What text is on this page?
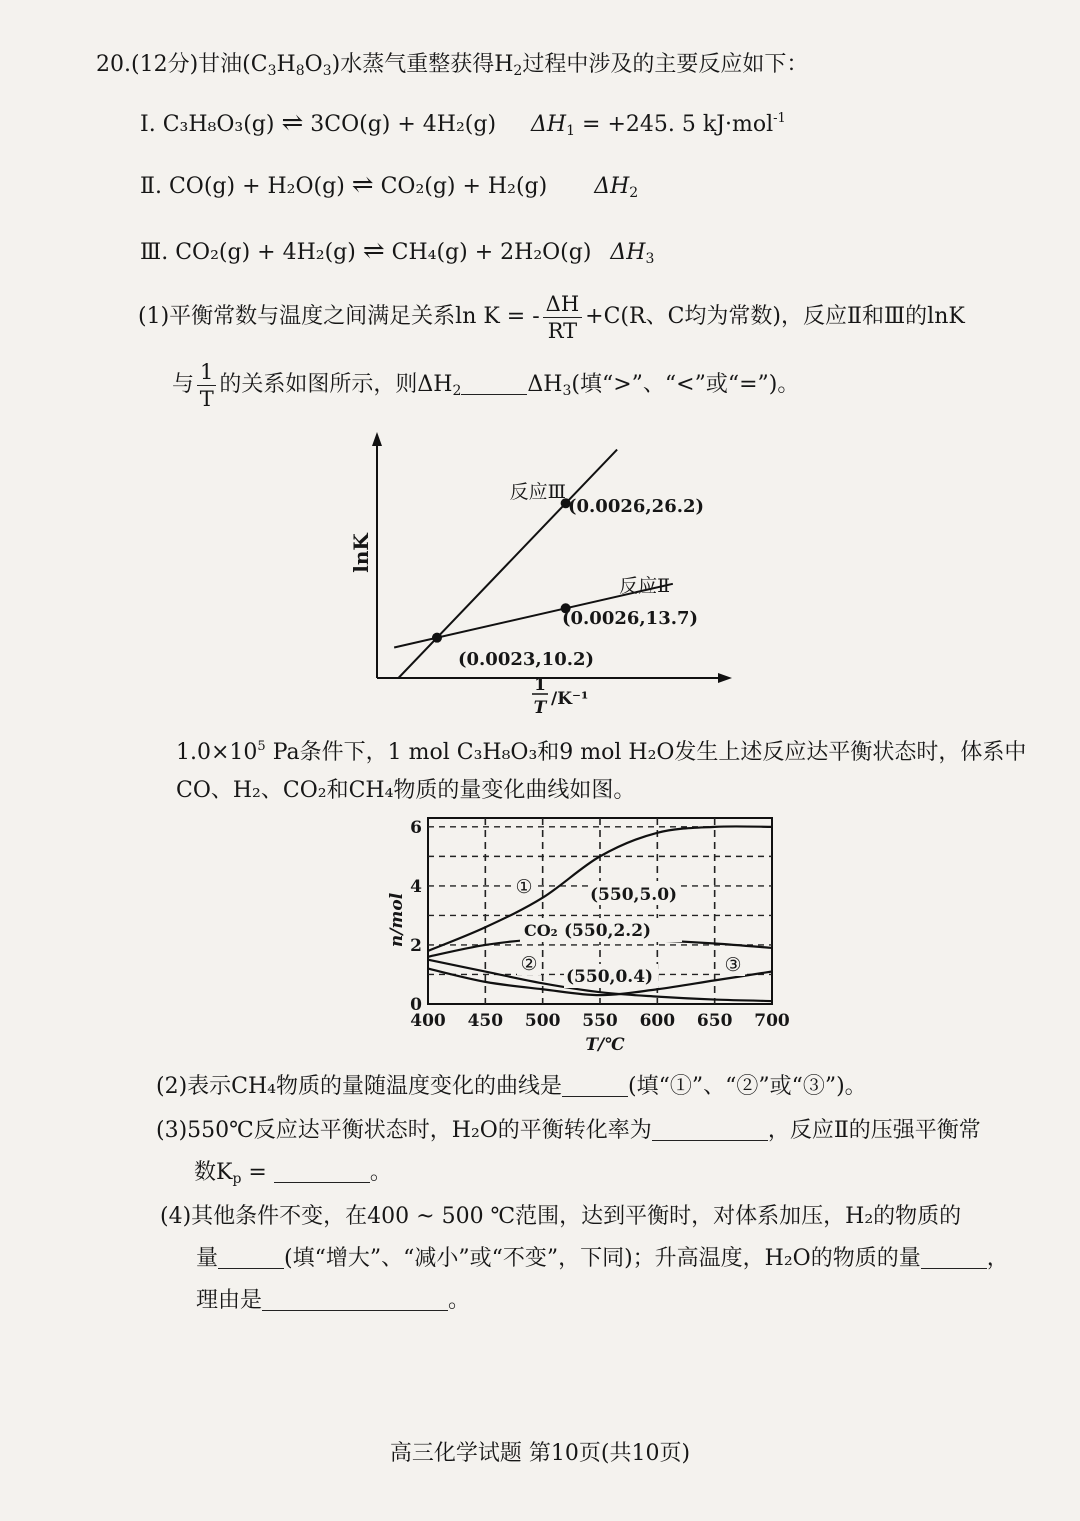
20.(12分)甘油$(C_3H_8O_3)$水蒸气重整获得$H_2$过程中涉及的主要反应如下：
Ⅰ. C₃H₈O₃(g) ⇌ 3CO(g) + 4H₂(g) $\Delta H_1 = +245$. 5 kJ·mol$^{-1}$
Ⅱ. CO(g) + H₂O(g) ⇌ CO₂(g) + H₂(g) $\Delta H_2$
Ⅲ. CO₂(g) + 4H₂(g) ⇌ CH₄(g) + 2H₂O(g) $\Delta H_3$
(1)平衡常数与温度之间满足关系ln K = - $\frac{\Delta H}{RT} +C(R$、C均为常数)，反应Ⅱ和Ⅲ的lnK
与 $\frac{1}{T}$ 的关系如图所示，则$\Delta H_2$	$\Delta H_3$(填“>”、“<”或“=”)。
lnK
1
T /K⁻¹
反应Ⅲ
反应Ⅱ
(0.0026,26.2)
(0.0026,13.7)
(0.0023,10.2)
$1.0\times 10^5$ Pa条件下，1 mol C₃H₈O₃和9 mol H₂O发生上述反应达平衡状态时，体系中
CO、H₂、CO₂和CH₄物质的量变化曲线如图。
400 450 500 550 600 650 700
0
2
4
6
n/mol
T/℃
①	(550,5.0)
CO₂ (550,2.2)
②
(550,0.4)
③
(2)表示CH₄物质的量随温度变化的曲线是	(填“①”、“②”或“③”)。
(3)550℃反应达平衡状态时，H₂O的平衡转化率为	，反应Ⅱ的压强平衡常
数$K_p$ =	。
(4)其他条件不变，在400 ~ 500 ℃范围，达到平衡时，对体系加压，H₂的物质的
量	(填“增大”、“减小”或“不变”，下同)；升高温度，H₂O的物质的量	，
理由是	。
高三化学试题 第10页(共10页)
